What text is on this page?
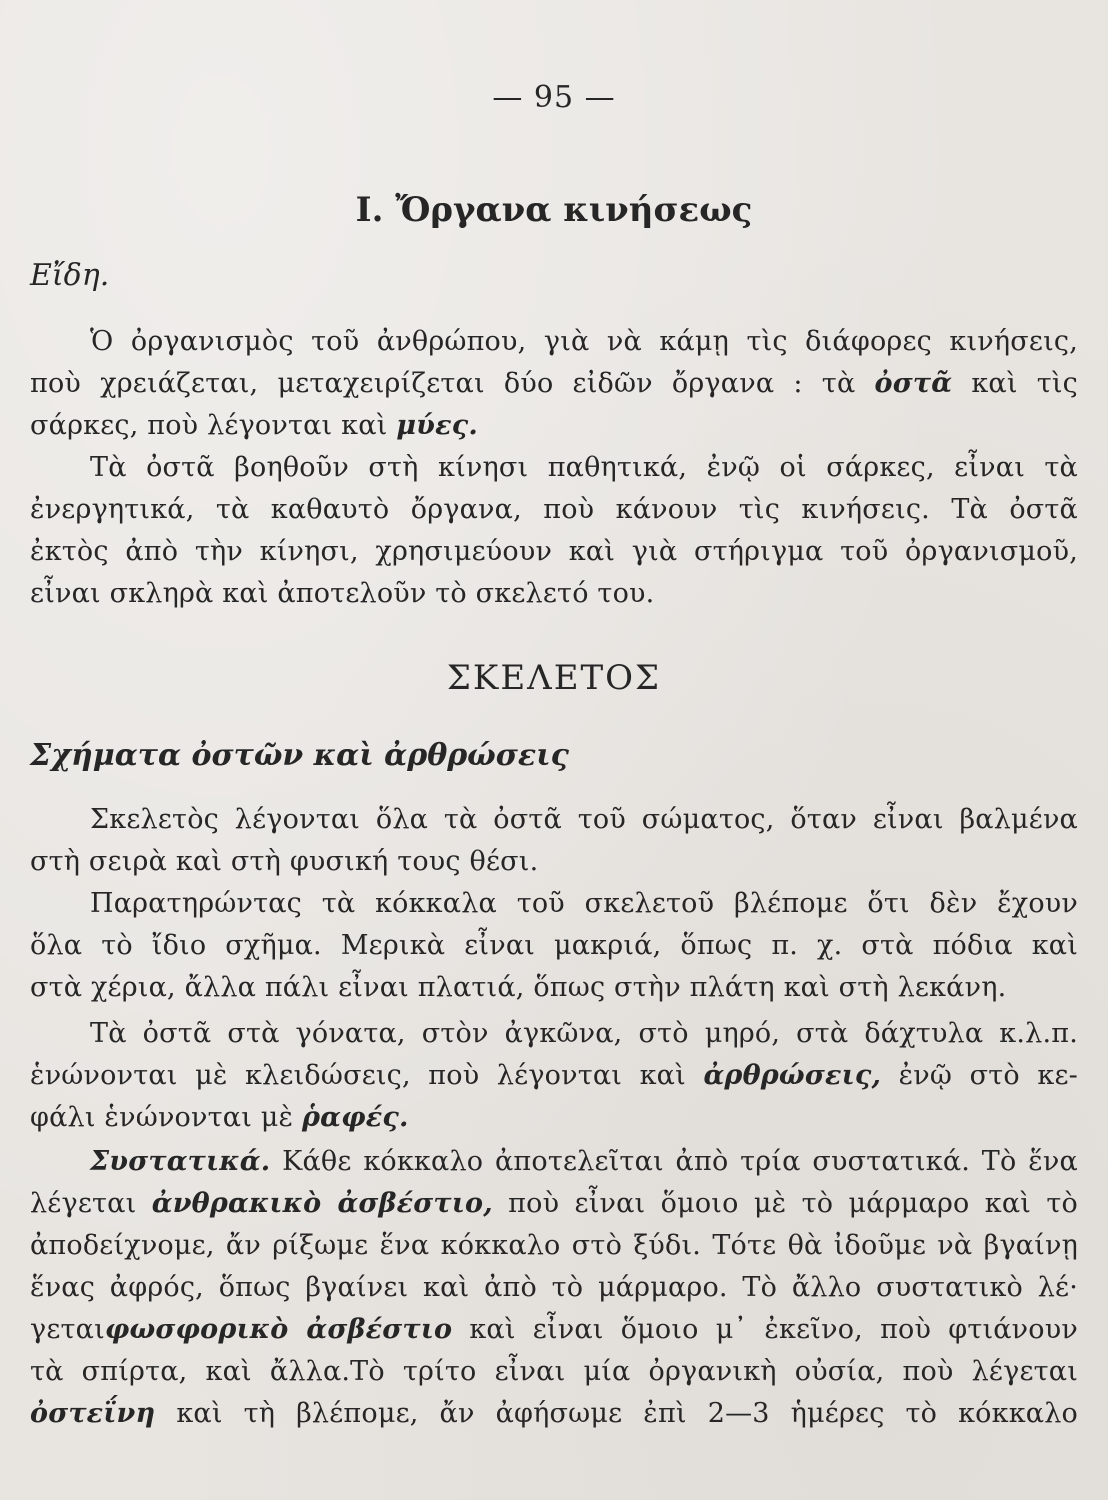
— 95 —
I. Ὄργανα κινήσεως
Εἴδη.
Ὁ ὀργανισμὸς τοῦ ἀνθρώπου, γιὰ νὰ κάμῃ τὶς διάφορες κινήσεις,
ποὺ χρειάζεται, μεταχειρίζεται δύο εἰδῶν ὄργανα : τὰ ὀστᾶ καὶ τὶς
σάρκες, ποὺ λέγονται καὶ μύες.
Τὰ ὀστᾶ βοηθοῦν στὴ κίνησι παθητικά, ἐνῷ οἱ σάρκες, εἶναι τὰ
ἐνεργητικά, τὰ καθαυτὸ ὄργανα, ποὺ κάνουν τὶς κινήσεις. Τὰ ὀστᾶ
ἐκτὸς ἀπὸ τὴν κίνησι, χρησιμεύουν καὶ γιὰ στήριγμα τοῦ ὀργανισμοῦ,
εἶναι σκληρὰ καὶ ἀποτελοῦν τὸ σκελετό του.
ΣΚΕΛΕΤΟΣ
Σχήματα ὀστῶν καὶ ἀρθρώσεις
Σκελετὸς λέγονται ὅλα τὰ ὀστᾶ τοῦ σώματος, ὅταν εἶναι βαλμένα
στὴ σειρὰ καὶ στὴ φυσική τους θέσι.
Παρατηρώντας τὰ κόκκαλα τοῦ σκελετοῦ βλέπομε ὅτι δὲν ἔχουν
ὅλα τὸ ἴδιο σχῆμα. Μερικὰ εἶναι μακριά, ὅπως π. χ. στὰ πόδια καὶ
στὰ χέρια, ἄλλα πάλι εἶναι πλατιά, ὅπως στὴν πλάτη καὶ στὴ λεκάνη.
Τὰ ὀστᾶ στὰ γόνατα, στὸν ἀγκῶνα, στὸ μηρό, στὰ δάχτυλα κ.λ.π.
ἑνώνονται μὲ κλειδώσεις, ποὺ λέγονται καὶ ἀρθρώσεις, ἐνῷ στὸ κε-
φάλι ἑνώνονται μὲ ῥαφές.
Συστατικά. Κάθε κόκκαλο ἀποτελεῖται ἀπὸ τρία συστατικά. Τὸ ἕνα
λέγεται ἀνθρακικὸ ἀσβέστιο, ποὺ εἶναι ὅμοιο μὲ τὸ μάρμαρο καὶ τὸ
ἀποδείχνομε, ἄν ρίξωμε ἕνα κόκκαλο στὸ ξύδι. Τότε θὰ ἰδοῦμε νὰ βγαίνῃ
ἕνας ἀφρός, ὅπως βγαίνει καὶ ἀπὸ τὸ μάρμαρο. Τὸ ἄλλο συστατικὸ λέ·
γεταιφωσφορικὸ ἀσβέστιο καὶ εἶναι ὅμοιο μ᾽ ἐκεῖνο, ποὺ φτιάνουν
τὰ σπίρτα, καὶ ἄλλα.Τὸ τρίτο εἶναι μία ὀργανικὴ οὐσία, ποὺ λέγεται
ὀστεΐνη καὶ τὴ βλέπομε, ἄν ἀφήσωμε ἐπὶ 2—3 ἡμέρες τὸ κόκκαλο
